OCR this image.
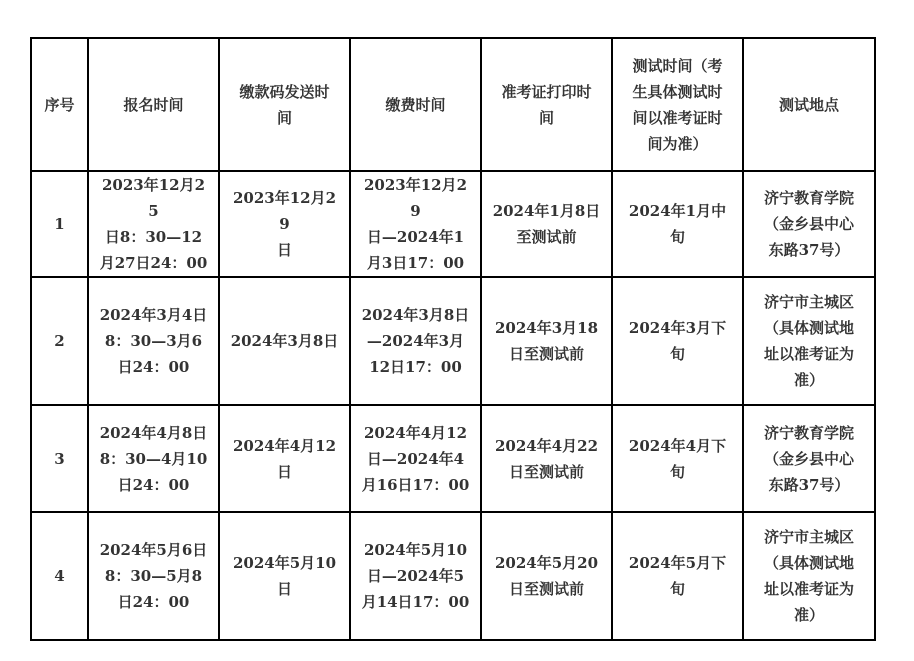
序号	报名时间	缴款码发送时
间	缴费时间	准考证打印时
间	测试时间（考
生具体测试时
间以准考证时
间为准）	测试地点
1	2023年12月25
日8：30—12
月27日24：00	2023年12月29
日	2023年12月29
日—2024年1
月3日17：00	2024年1月8日
至测试前	2024年1月中
旬	济宁教育学院
（金乡县中心
东路37号）
2	2024年3月4日
8：30—3月6
日24：00	2024年3月8日	2024年3月8日
—2024年3月
12日17：00	2024年3月18
日至测试前	2024年3月下
旬	济宁市主城区
（具体测试地
址以准考证为
准）
3	2024年4月8日
8：30—4月10
日24：00	2024年4月12
日	2024年4月12
日—2024年4
月16日17：00	2024年4月22
日至测试前	2024年4月下
旬	济宁教育学院
（金乡县中心
东路37号）
4	2024年5月6日
8：30—5月8
日24：00	2024年5月10
日	2024年5月10
日—2024年5
月14日17：00	2024年5月20
日至测试前	2024年5月下
旬	济宁市主城区
（具体测试地
址以准考证为
准）
